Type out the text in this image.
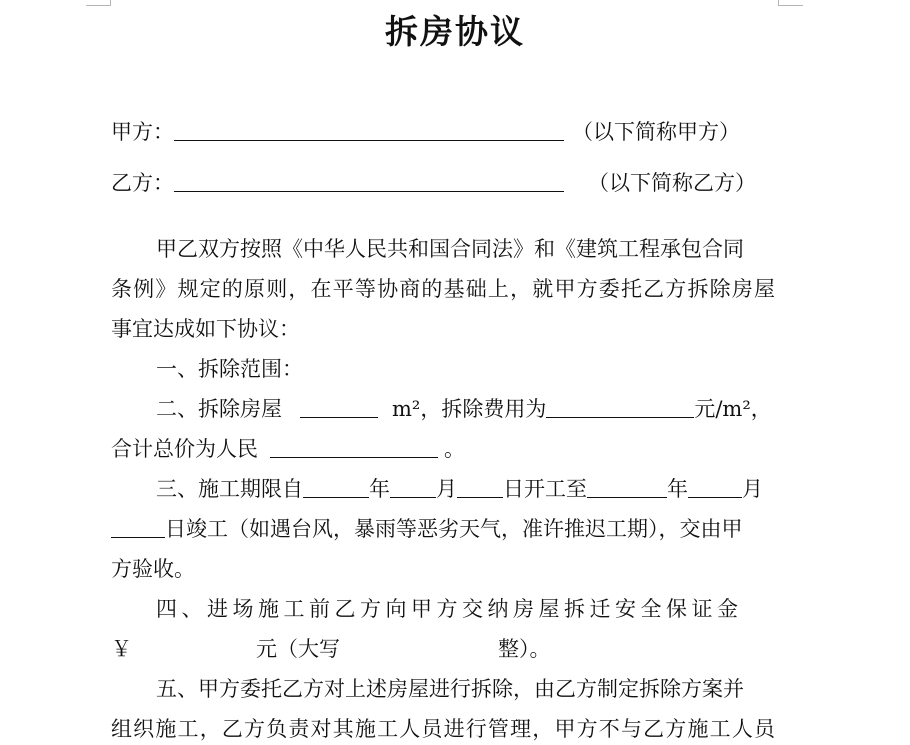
拆房协议
甲方：	（以下简称甲方）
乙方：	（以下简称乙方）
甲乙双方按照《中华人民共和国合同法》和《建筑工程承包合同
条例》规定的原则，在平等协商的基础上，就甲方委托乙方拆除房屋
事宜达成如下协议：
一、拆除范围：
二、拆除房屋	m²，拆除费用为	元/m²，
合计总价为人民	。
三、施工期限自	年 月 日开工至	年	月
日竣工（如遇台风，暴雨等恶劣天气，准许推迟工期），交由甲
方验收。
四、进场施工前乙方向甲方交纳房屋拆迁安全保证金
￥	元（大写	整）。
五、甲方委托乙方对上述房屋进行拆除，由乙方制定拆除方案并
组织施工，乙方负责对其施工人员进行管理，甲方不与乙方施工人员
